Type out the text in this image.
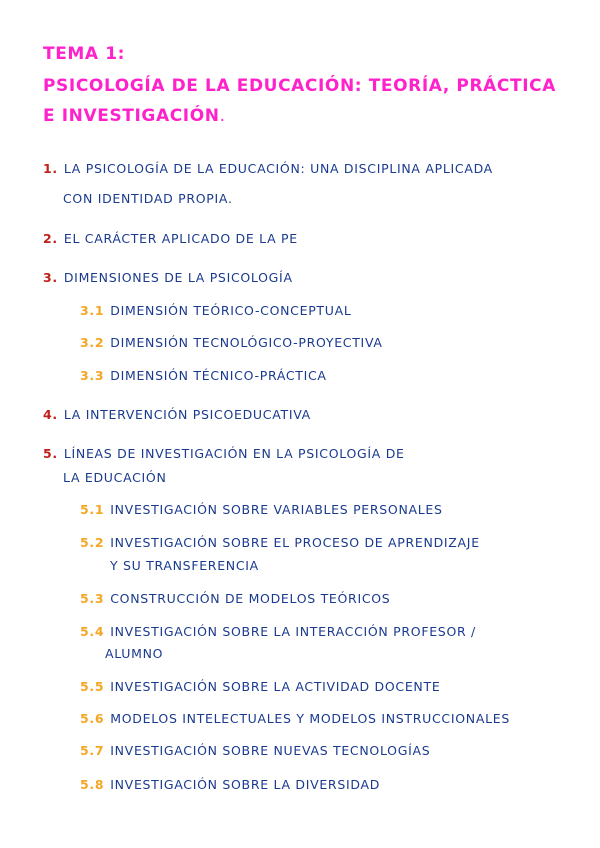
TEMA 1:
PSICOLOGÍA DE LA EDUCACIÓN: TEORÍA, PRÁCTICA
E INVESTIGACIÓN.
1. LA PSICOLOGÍA DE LA EDUCACIÓN: UNA DISCIPLINA APLICADA
CON IDENTIDAD PROPIA.
2. EL CARÁCTER APLICADO DE LA PE
3. DIMENSIONES DE LA PSICOLOGÍA
3.1 DIMENSIÓN TEÓRICO-CONCEPTUAL
3.2 DIMENSIÓN TECNOLÓGICO-PROYECTIVA
3.3 DIMENSIÓN TÉCNICO-PRÁCTICA
4. LA INTERVENCIÓN PSICOEDUCATIVA
5. LÍNEAS DE INVESTIGACIÓN EN LA PSICOLOGÍA DE
LA EDUCACIÓN
5.1 INVESTIGACIÓN SOBRE VARIABLES PERSONALES
5.2 INVESTIGACIÓN SOBRE EL PROCESO DE APRENDIZAJE
Y SU TRANSFERENCIA
5.3 CONSTRUCCIÓN DE MODELOS TEÓRICOS
5.4 INVESTIGACIÓN SOBRE LA INTERACCIÓN PROFESOR /
ALUMNO
5.5 INVESTIGACIÓN SOBRE LA ACTIVIDAD DOCENTE
5.6 MODELOS INTELECTUALES Y MODELOS INSTRUCCIONALES
5.7 INVESTIGACIÓN SOBRE NUEVAS TECNOLOGÍAS
5.8 INVESTIGACIÓN SOBRE LA DIVERSIDAD
